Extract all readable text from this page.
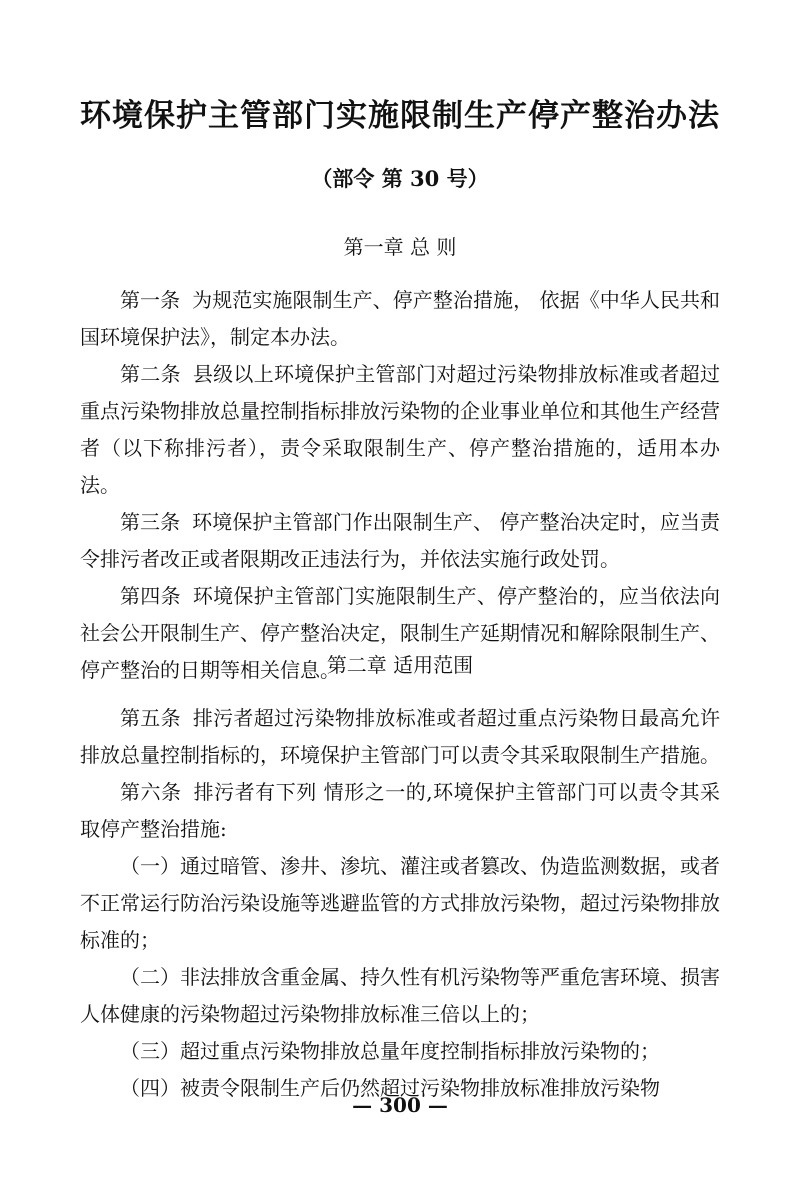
环境保护主管部门实施限制生产停产整治办法
（部令 第 30 号）
第一章 总 则

第一条 为规范实施限制生产、停产整治措施， 依据《中华人民共和国环境保护法》，制定本办法。

第二条 县级以上环境保护主管部门对超过污染物排放标准或者超过重点污染物排放总量控制指标排放污染物的企业事业单位和其他生产经营者（以下称排污者），责令采取限制生产、停产整治措施的，适用本办法。

第三条 环境保护主管部门作出限制生产、 停产整治决定时，应当责令排污者改正或者限期改正违法行为，并依法实施行政处罚。

第四条 环境保护主管部门实施限制生产、停产整治的，应当依法向社会公开限制生产、停产整治决定，限制生产延期情况和解除限制生产、停产整治的日期等相关信息。

第二章 适用范围

第五条 排污者超过污染物排放标准或者超过重点污染物日最高允许排放总量控制指标的，环境保护主管部门可以责令其采取限制生产措施。

第六条 排污者有下列 情形之一的,环境保护主管部门可以责令其采取停产整治措施:

（一）通过暗管、渗井、渗坑、灌注或者篡改、伪造监测数据，或者不正常运行防治污染设施等逃避监管的方式排放污染物，超过污染物排放标准的；

（二）非法排放含重金属、持久性有机污染物等严重危害环境、损害人体健康的污染物超过污染物排放标准三倍以上的；

（三）超过重点污染物排放总量年度控制指标排放污染物的；

（四）被责令限制生产后仍然超过污染物排放标准排放污染物

— 300 —
